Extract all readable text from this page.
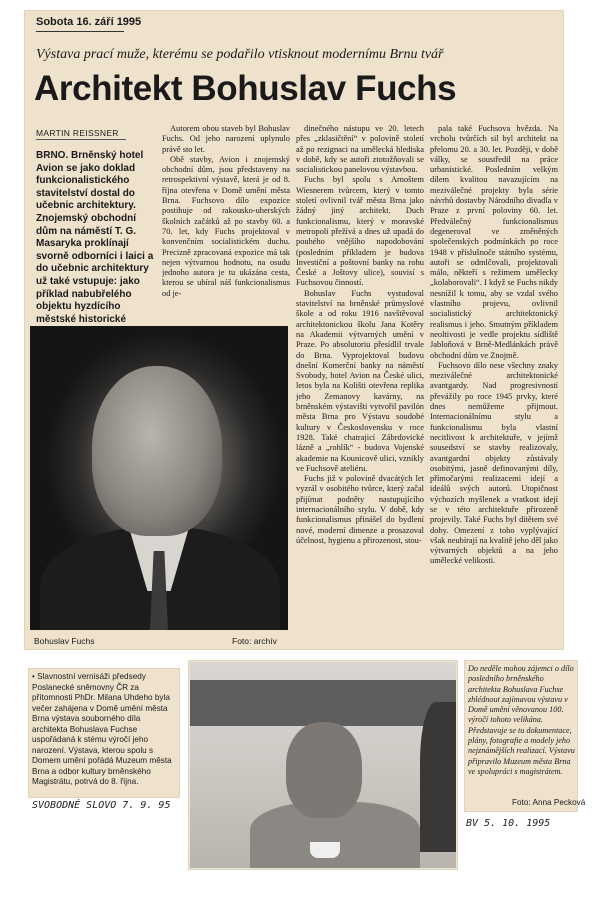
Sobota 16. září 1995
Výstava prací muže, kterému se podařilo vtisknout modernímu Brnu tvář
Architekt Bohuslav Fuchs
MARTIN REISSNER
BRNO. Brněnský hotel Avion se jako doklad funkcionalistického stavitelství dostal do učebnic architektury. Znojemský obchodní dům na náměstí T. G. Masaryka proklínají svorně odborníci i laici a do učebnic architektury už také vstupuje: jako příklad nabubřelého objektu hyzdícího městské historické

Autorem obou staveb byl Bohuslav Fuchs. Od jeho narození uplynulo právě sto let.

Obě stavby, Avion i znojemský obchodní dům, jsou představeny na retrospektivní výstavě, která je od 8. října otevřena v Domě umění města Brna. Fuchsovo dílo expozice postihuje od rakousko-uherských školních začátků až po stavby 60. a 70. let, kdy Fuchs projektoval v konvenčním socialistickém duchu. Precizně zpracovaná expozice má tak nejen výtvarnou hodnotu, na osudu jednoho autora je tu ukázána cesta, kterou se ubíral náš funkcionalismus od je-

dinečného nástupu ve 20. letech přes „zklasičtění“ v polovině století až po rezignaci na umělecká hlediska v době, kdy se autoři ztotožňovali se socialistickou panelovou výstavbou.

Fuchs byl spolu s Arnoštem Wiesnerem tvůrcem, který v tomto století ovlivnil tvář města Brna jako žádný jiný architekt. Duch funkcionalismu, který v moravské metropoli přežívá a dnes už upadá do pouhého vnějšího napodobování (posledním příkladem je budova Investiční a poštovní banky na rohu České a Joštovy ulice), souvisí s Fuchsovou činností.

Bohuslav Fuchs vystudoval stavitelství na brněnské průmyslové škole a od roku 1916 navštěvoval architektonickou školu Jana Kotěry na Akademii výtvarných umění v Praze. Po absolutoriu přesídlil trvale do Brna. Vyprojektoval budovu dnešní Komerční banky na náměstí Svobody, hotel Avion na České ulici, letos byla na Kolišti otevřena replika jeho Zemanovy kavárny, na brněnském výstavišti vytvořil pavilón města Brna pro Výstavu soudobé kultury v Československu v roce 1928. Také chatrajicí Zábrdovické lázně a „rohlík“ - budova Vojenské akademie na Kounicově ulici, vznikly ve Fuchsově ateliéru.

Fuchs již v polovině dvacátých let vyzrál v osobitého tvůrce, který začal přijímat podněty nastupujícího internacionálního stylu. V době, kdy funkcionalismus přinášel do bydlení nové, moderní dimenze a prosazoval účelnost, hygienu a přirozenost, stou-

pala také Fuchsova hvězda. Na vrcholu tvůrčích sil byl architekt na přelomu 20. a 30. let. Později, v době války, se soustředil na práce urbanistické. Posledním velkým dílem kvalitou navazujícím na meziválečné projekty byla série návrhů dostavby Národního divadla v Praze z první poloviny 60. let. Předválečný funkcionalismus degeneroval ve změněných společenských podmínkách po roce 1948 v příslušnoče státního systému, autoři se odmlčovali, projektovali málo, někteří s režimem umělecky „kolaborovali“. I když se Fuchs nikdy nesnížil k tomu, aby se vzdal svého vlastního projevu, ovlivnil socialistický architektonický realismus i jeho. Smutným příkladem neoltivosti je vedle projektu sídliště Jabloňová v Brně-Medlánkách právě obchodní dům ve Znojmě.

Fuchsovo dílo nese všechny znaky meziválečné architektonické avantgardy. Nad progresivností převážily po roce 1945 prvky, které dnes nemůžeme přijmout. Internacionálnímu stylu a funkcionalismu byla vlastní necitlivost k architektuře, v jejímž sousedství se stavby realizovaly, avantgardní objekty zůstávaly osobitými, jasně definovanými díly, přímočarými realizacemi idejí a ideálů svých autorů. Utopičnost výchozích myšlenek a vratkost idejí se v této architektuře přirozeně projevily. Také Fuchs byl dítětem své doby. Omezení z toho vyplývající však neubírají na kvalitě jeho děl jako výtvarných objektů a na jeho umělecké velikosti.

Bohuslav Fuchs	Foto: archív
• Slavnostní vernisáži předsedy Poslanecké sněmovny ČR za přítomnosti PhDr. Milana Uhdeho byla večer zahájena v Domě umění města Brna výstava souborného díla architekta Bohuslava Fuchse uspořádaná k stému výročí jeho narození. Výstava, kterou spolu s Domem umění pořádá Muzeum města Brna a odbor kultury brněnského Magistrátu, potrvá do 8. října.
SVOBODNÉ SLOVO 7. 9. 95
Do neděle mohou zájemci o dílo posledního brněnského architekta Bohuslava Fuchse zhlédnout zajímavou výstavu v Domě umění věnovanou 100. výročí tohoto velikána. Představuje se tu dokumentace, plány, fotografie a modely jeho nejznámějších realizací. Výstavu připravilo Muzeum města Brna ve spolupráci s magistrátem.
Foto: Anna Pecková
BV 5. 10. 1995
